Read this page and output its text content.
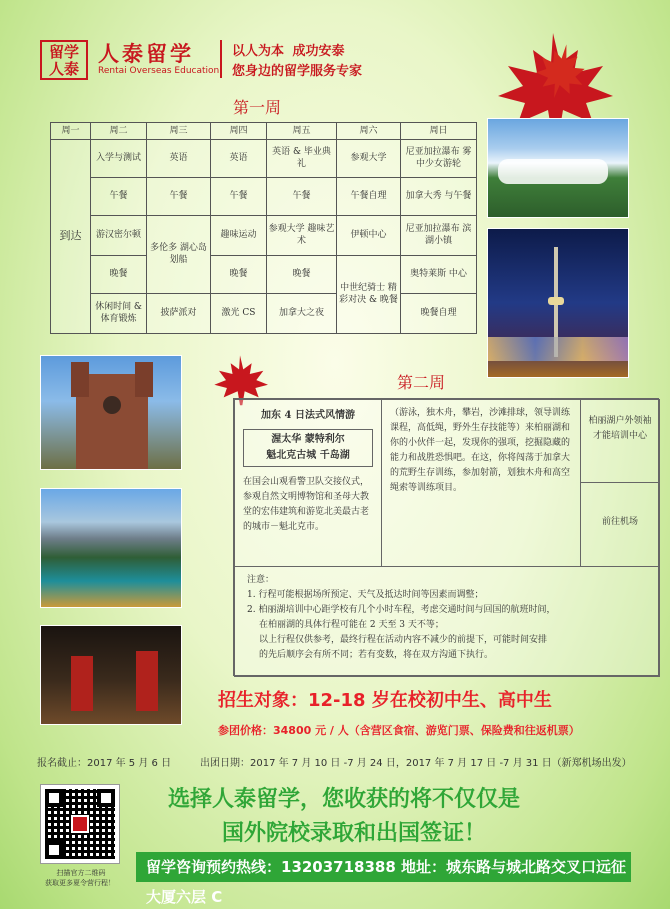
留学人泰
人泰留学
Rentai Overseas Education
以人为本 成功安泰
您身边的留学服务专家
第一周
周一	周二	周三	周四	周五	周六	周日
到达	入学与测试	英语	英语	英语 & 毕业典礼	参观大学	尼亚加拉瀑布 雾中少女游轮
	午餐	午餐	午餐	午餐	午餐自理	加拿大秀 与午餐
	游汉密尔顿	多伦多 湖心岛划船	趣味运动	参观大学 趣味艺术	伊顿中心	尼亚加拉瀑布 滨湖小镇
	晚餐		晚餐	晚餐	中世纪骑士 精彩对决 & 晚餐	奥特莱斯 中心
	休闲时间 & 体育锻炼	披萨派对	激光 CS	加拿大之夜		晚餐自理
第二周
加东 4 日法式风情游
渥太华 蒙特利尔
魁北克古城 千岛湖
在国会山观看警卫队交接仪式，参观自然文明博物馆和圣母大教堂的宏伟建筑和游览北美最古老的城市－魁北克市。
（游泳，独木舟，攀岩，沙滩排球，领导训练课程，高低绳，野外生存技能等）来柏丽湖和你的小伙伴一起，发现你的强项，挖掘隐藏的能力和战胜恐惧吧。在这，你将闯荡于加拿大的荒野生存训练，参加射箭，划独木舟和高空绳索等训练项目。
柏丽湖户外领袖才能培训中心
前往机场
注意：
1. 行程可能根据场所预定、天气及抵达时间等因素而调整；
2. 柏丽湖培训中心距学校有几个小时车程，考虑交通时间与回国的航班时间，
在柏丽湖的具体行程可能在 2 天至 3 天不等；
以上行程仅供参考，最终行程在活动内容不减少的前提下，可能时间安排
的先后顺序会有所不同；若有变数，将在双方沟通下执行。
招生对象：12-18 岁在校初中生、高中生
参团价格：34800 元 / 人（含营区食宿、游览门票、保险费和往返机票）
报名截止：2017 年 5 月 6 日	出团日期：2017 年 7 月 10 日 -7 月 24 日，2017 年 7 月 17 日 -7 月 31 日（新郑机场出发）
扫描官方二维码
获取更多夏令营行程！
选择人泰留学，您收获的将不仅仅是
国外院校录取和出国签证！
留学咨询预约热线：13203718388 地址：城东路与城北路交叉口远征大厦六层 C
